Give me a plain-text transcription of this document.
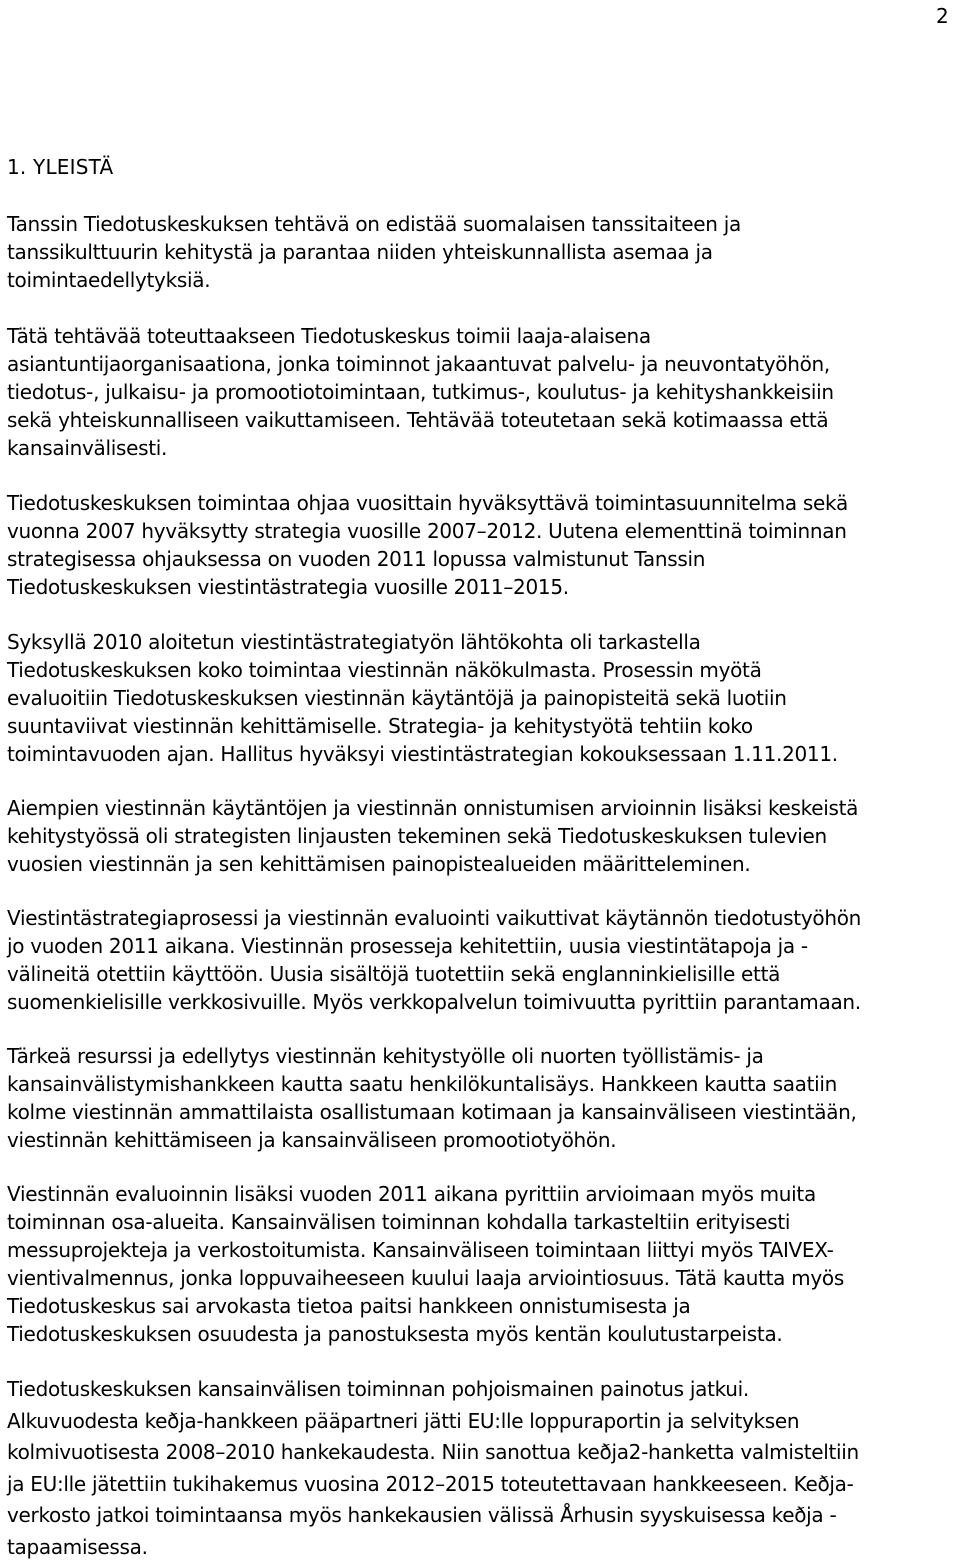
2
1. YLEISTÄ

Tanssin Tiedotuskeskuksen tehtävä on edistää suomalaisen tanssitaiteen ja
tanssikulttuurin kehitystä ja parantaa niiden yhteiskunnallista asemaa ja
toimintaedellytyksiä.

Tätä tehtävää toteuttaakseen Tiedotuskeskus toimii laaja-alaisena
asiantuntijaorganisaationa, jonka toiminnot jakaantuvat palvelu- ja neuvontatyöhön,
tiedotus-, julkaisu- ja promootiotoimintaan, tutkimus-, koulutus- ja kehityshankkeisiin
sekä yhteiskunnalliseen vaikuttamiseen. Tehtävää toteutetaan sekä kotimaassa että
kansainvälisesti.

Tiedotuskeskuksen toimintaa ohjaa vuosittain hyväksyttävä toimintasuunnitelma sekä
vuonna 2007 hyväksytty strategia vuosille 2007–2012. Uutena elementtinä toiminnan
strategisessa ohjauksessa on vuoden 2011 lopussa valmistunut Tanssin
Tiedotuskeskuksen viestintästrategia vuosille 2011–2015.

Syksyllä 2010 aloitetun viestintästrategiatyön lähtökohta oli tarkastella
Tiedotuskeskuksen koko toimintaa viestinnän näkökulmasta. Prosessin myötä
evaluoitiin Tiedotuskeskuksen viestinnän käytäntöjä ja painopisteitä sekä luotiin
suuntaviivat viestinnän kehittämiselle. Strategia- ja kehitystyötä tehtiin koko
toimintavuoden ajan. Hallitus hyväksyi viestintästrategian kokouksessaan 1.11.2011.

Aiempien viestinnän käytäntöjen ja viestinnän onnistumisen arvioinnin lisäksi keskeistä
kehitystyössä oli strategisten linjausten tekeminen sekä Tiedotuskeskuksen tulevien
vuosien viestinnän ja sen kehittämisen painopistealueiden määritteleminen.

Viestintästrategiaprosessi ja viestinnän evaluointi vaikuttivat käytännön tiedotustyöhön
jo vuoden 2011 aikana. Viestinnän prosesseja kehitettiin, uusia viestintätapoja ja -
välineitä otettiin käyttöön. Uusia sisältöjä tuotettiin sekä englanninkielisille että
suomenkielisille verkkosivuille. Myös verkkopalvelun toimivuutta pyrittiin parantamaan.

Tärkeä resurssi ja edellytys viestinnän kehitystyölle oli nuorten työllistämis- ja
kansainvälistymishankkeen kautta saatu henkilökuntalisäys. Hankkeen kautta saatiin
kolme viestinnän ammattilaista osallistumaan kotimaan ja kansainväliseen viestintään,
viestinnän kehittämiseen ja kansainväliseen promootiotyöhön.

Viestinnän evaluoinnin lisäksi vuoden 2011 aikana pyrittiin arvioimaan myös muita
toiminnan osa-alueita. Kansainvälisen toiminnan kohdalla tarkasteltiin erityisesti
messuprojekteja ja verkostoitumista. Kansainväliseen toimintaan liittyi myös TAIVEX-
vientivalmennus, jonka loppuvaiheeseen kuului laaja arviointiosuus. Tätä kautta myös
Tiedotuskeskus sai arvokasta tietoa paitsi hankkeen onnistumisesta ja
Tiedotuskeskuksen osuudesta ja panostuksesta myös kentän koulutustarpeista.

Tiedotuskeskuksen kansainvälisen toiminnan pohjoismainen painotus jatkui.
Alkuvuodesta keðja-hankkeen pääpartneri jätti EU:lle loppuraportin ja selvityksen
kolmivuotisesta 2008–2010 hankekaudesta. Niin sanottua keðja2-hanketta valmisteltiin
ja EU:lle jätettiin tukihakemus vuosina 2012–2015 toteutettavaan hankkeeseen. Keðja-
verkosto jatkoi toimintaansa myös hankekausien välissä Århusin syyskuisessa keðja -
tapaamisessa.
